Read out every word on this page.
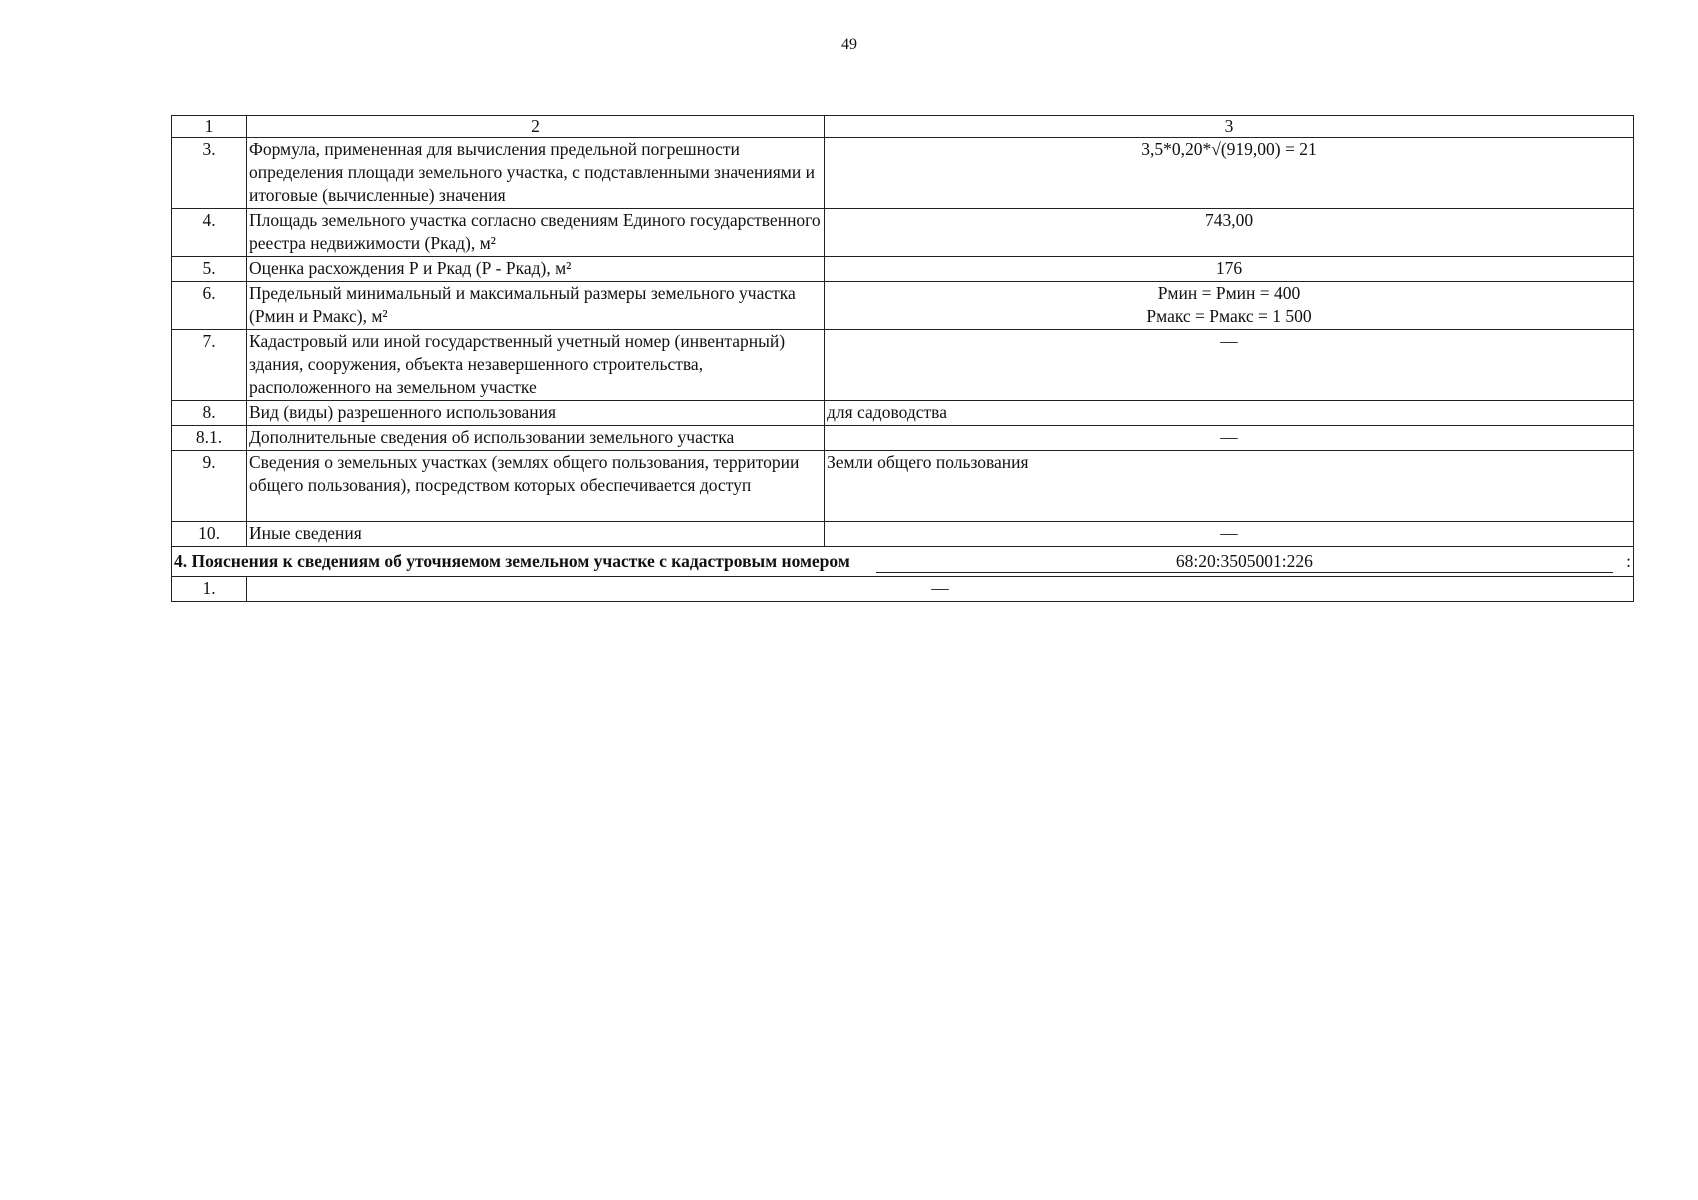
49
1	2	3
3.	Формула, примененная для вычисления предельной погрешности определения площади земельного участка, с подставленными значениями и итоговые (вычисленные) значения	3,5*0,20*√(919,00) = 21
4.	Площадь земельного участка согласно сведениям Единого государственного реестра недвижимости (Ркад), м²	743,00
5.	Оценка расхождения Р и Ркад (Р - Ркад), м²	176
6.	Предельный минимальный и максимальный размеры земельного участка (Рмин и Рмакс), м²	Рмин = Рмин = 400
Рмакс = Рмакс = 1 500

7.	Кадастровый или иной государственный учетный номер (инвентарный) здания, сооружения, объекта незавершенного строительства, расположенного на земельном участке	—
8.	Вид (виды) разрешенного использования	для садоводства
8.1.	Дополнительные сведения об использовании земельного участка	—
9.	Сведения о земельных участках (землях общего пользования, территории общего пользования), посредством которых обеспечивается доступ	Земли общего пользования
10.	Иные сведения	—

4. Пояснения к сведениям об уточняемом земельном участке с кадастровым номером 68:20:3505001:226 :		

1.	—	
